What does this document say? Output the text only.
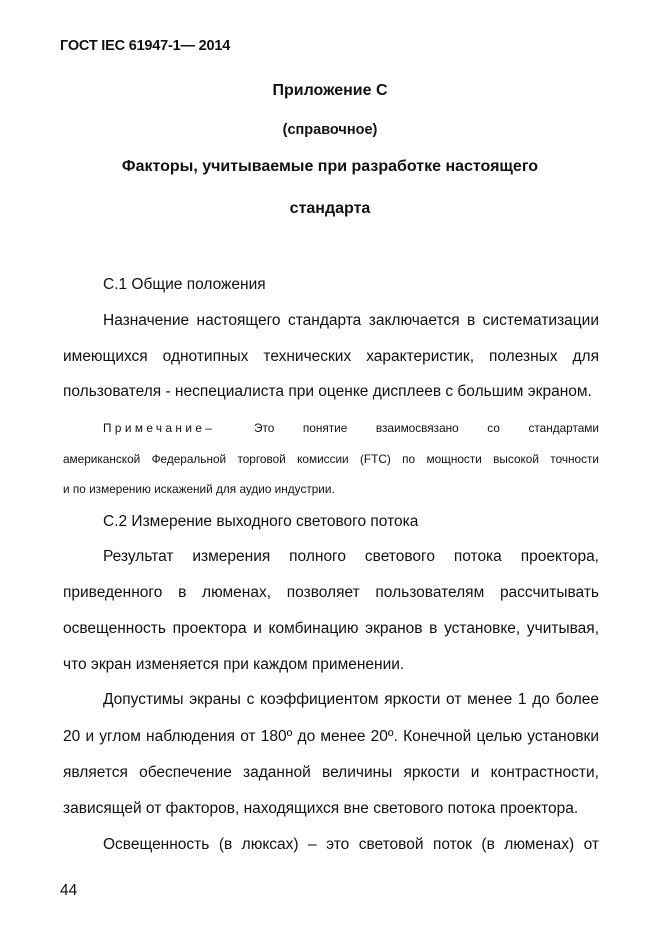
ГОСТ IEC 61947-1— 2014
Приложение С
(справочное)
Факторы, учитываемые при разработке настоящего
стандарта
С.1 Общие положения
Назначение настоящего стандарта заключается в систематизации
имеющихся однотипных технических характеристик, полезных для
пользователя - неспециалиста при оценке дисплеев с большим экраном.
Примечание–	Это понятие взаимосвязано со стандартами
американской Федеральной торговой комиссии (FTC) по мощности высокой точности
и по измерению искажений для аудио индустрии.
С.2 Измерение выходного светового потока
Результат измерения полного светового потока проектора,
приведенного в люменах, позволяет пользователям рассчитывать
освещенность проектора и комбинацию экранов в установке, учитывая,
что экран изменяется при каждом применении.
Допустимы экраны с коэффициентом яркости от менее 1 до более
20 и углом наблюдения от 180º до менее 20º. Конечной целью установки
является обеспечение заданной величины яркости и контрастности,
зависящей от факторов, находящихся вне светового потока проектора.
Освещенность (в люксах) – это световой поток (в люменах) от
44
